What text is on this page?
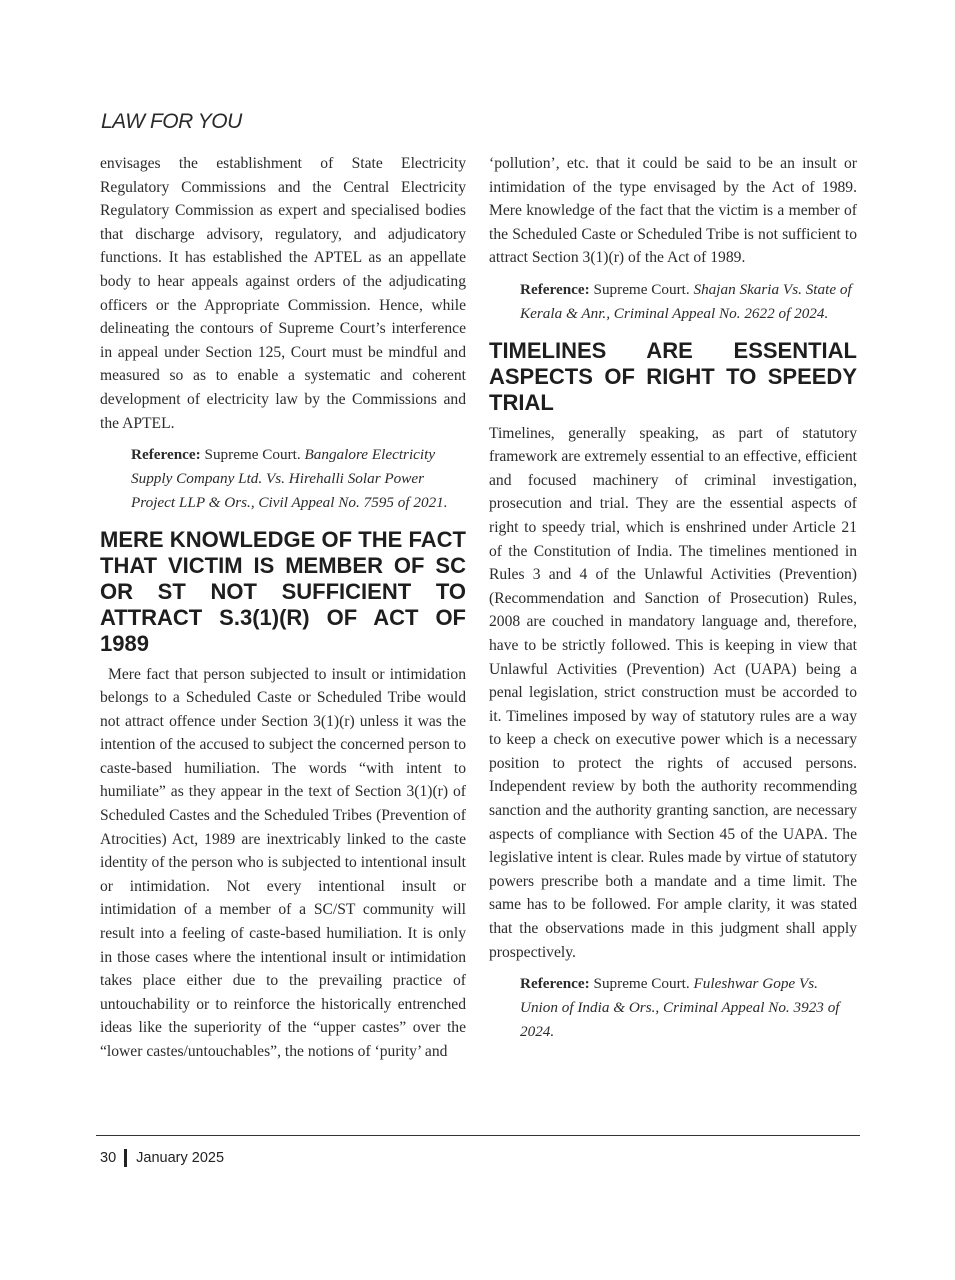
LAW FOR YOU

envisages the establishment of State Electricity Regulatory Commissions and the Central Electricity Regulatory Commission as expert and specialised bodies that discharge advisory, regulatory, and adjudicatory functions. It has established the APTEL as an appellate body to hear appeals against orders of the adjudicating officers or the Appropriate Commission. Hence, while delineating the contours of Supreme Court’s interference in appeal under Section 125, Court must be mindful and measured so as to enable a systematic and coherent development of electricity law by the Commissions and the APTEL.

Reference: Supreme Court. Bangalore Electricity Supply Company Ltd. Vs. Hirehalli Solar Power Project LLP & Ors., Civil Appeal No. 7595 of 2021.
MERE KNOWLEDGE OF THE FACT THAT VICTIM IS MEMBER OF SC OR ST NOT SUFFICIENT TO ATTRACT S.3(1)(R) OF ACT OF 1989

Mere fact that person subjected to insult or intimidation belongs to a Scheduled Caste or Scheduled Tribe would not attract offence under Section 3(1)(r) unless it was the intention of the accused to subject the concerned person to caste-based humiliation. The words “with intent to humiliate” as they appear in the text of Section 3(1)(r) of Scheduled Castes and the Scheduled Tribes (Prevention of Atrocities) Act, 1989 are inextricably linked to the caste identity of the person who is subjected to intentional insult or intimidation. Not every intentional insult or intimidation of a member of a SC/ST community will result into a feeling of caste-based humiliation. It is only in those cases where the intentional insult or intimidation takes place either due to the prevailing practice of untouchability or to reinforce the historically entrenched ideas like the superiority of the “upper castes” over the “lower castes/untouchables”, the notions of ‘purity’ and

‘pollution’, etc. that it could be said to be an insult or intimidation of the type envisaged by the Act of 1989. Mere knowledge of the fact that the victim is a member of the Scheduled Caste or Scheduled Tribe is not sufficient to attract Section 3(1)(r) of the Act of 1989.

Reference: Supreme Court. Shajan Skaria Vs. State of Kerala & Anr., Criminal Appeal No. 2622 of 2024.
TIMELINES ARE ESSENTIAL ASPECTS OF RIGHT TO SPEEDY TRIAL

Timelines, generally speaking, as part of statutory framework are extremely essential to an effective, efficient and focused machinery of criminal investigation, prosecution and trial. They are the essential aspects of right to speedy trial, which is enshrined under Article 21 of the Constitution of India. The timelines mentioned in Rules 3 and 4 of the Unlawful Activities (Prevention) (Recommendation and Sanction of Prosecution) Rules, 2008 are couched in mandatory language and, therefore, have to be strictly followed. This is keeping in view that Unlawful Activities (Prevention) Act (UAPA) being a penal legislation, strict construction must be accorded to it. Timelines imposed by way of statutory rules are a way to keep a check on executive power which is a necessary position to protect the rights of accused persons. Independent review by both the authority recommending sanction and the authority granting sanction, are necessary aspects of compliance with Section 45 of the UAPA. The legislative intent is clear. Rules made by virtue of statutory powers prescribe both a mandate and a time limit. The same has to be followed. For ample clarity, it was stated that the observations made in this judgment shall apply prospectively.

Reference: Supreme Court. Fuleshwar Gope Vs. Union of India & Ors., Criminal Appeal No. 3923 of 2024.
30 January 2025
